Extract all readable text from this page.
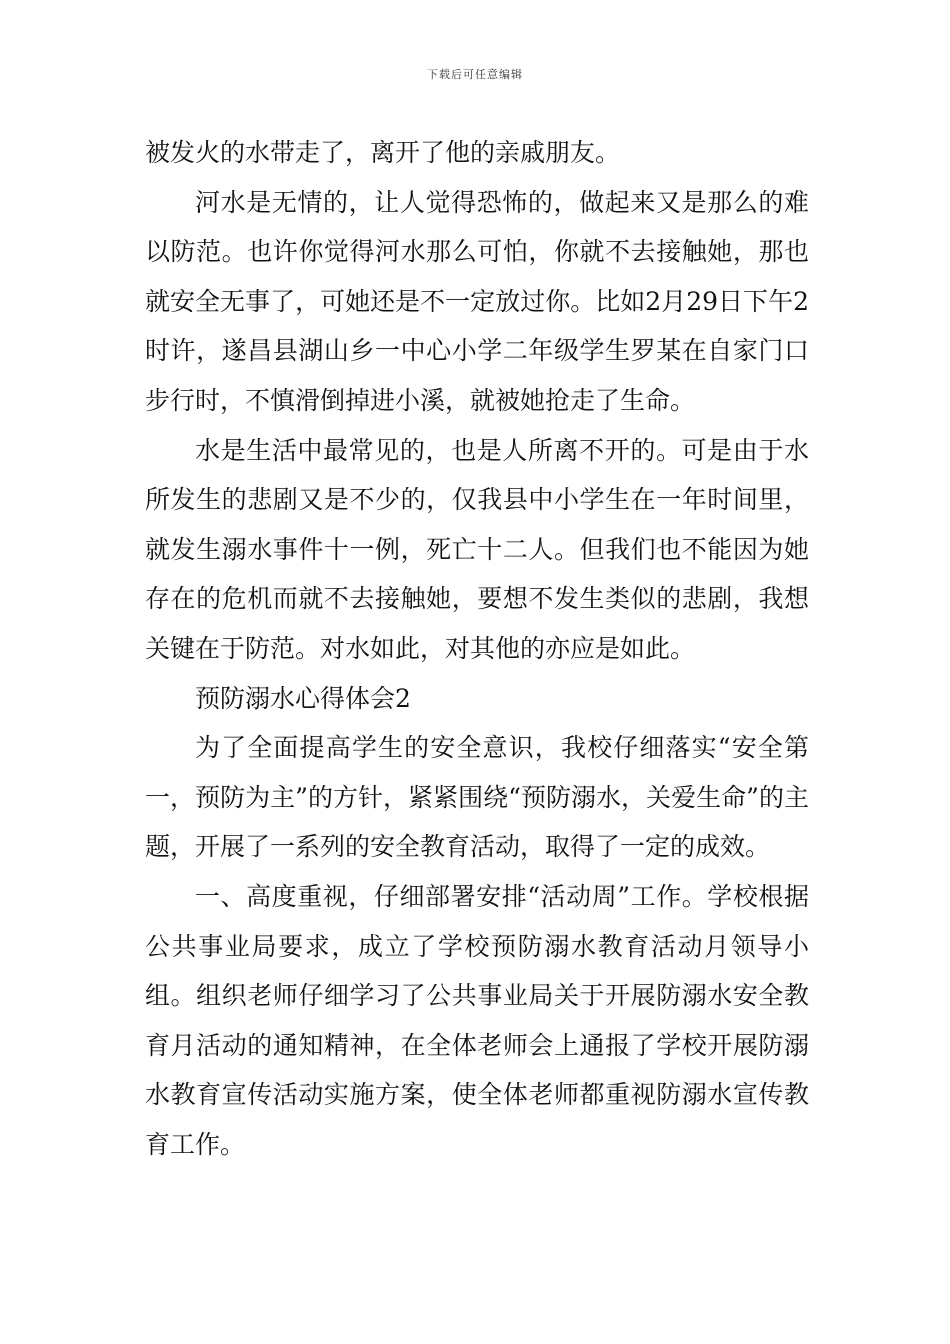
下载后可任意编辑

被发火的水带走了，离开了他的亲戚朋友。

河水是无情的，让人觉得恐怖的，做起来又是那么的难以防范。也许你觉得河水那么可怕，你就不去接触她，那也就安全无事了，可她还是不一定放过你。比如2月29日下午2时许，遂昌县湖山乡一中心小学二年级学生罗某在自家门口步行时，不慎滑倒掉进小溪，就被她抢走了生命。

水是生活中最常见的，也是人所离不开的。可是由于水所发生的悲剧又是不少的，仅我县中小学生在一年时间里，就发生溺水事件十一例，死亡十二人。但我们也不能因为她存在的危机而就不去接触她，要想不发生类似的悲剧，我想关键在于防范。对水如此，对其他的亦应是如此。

预防溺水心得体会2

为了全面提高学生的安全意识，我校仔细落实“安全第一，预防为主”的方针，紧紧围绕“预防溺水，关爱生命”的主题，开展了一系列的安全教育活动，取得了一定的成效。

一、高度重视，仔细部署安排“活动周”工作。学校根据公共事业局要求，成立了学校预防溺水教育活动月领导小组。组织老师仔细学习了公共事业局关于开展防溺水安全教育月活动的通知精神，在全体老师会上通报了学校开展防溺水教育宣传活动实施方案，使全体老师都重视防溺水宣传教育工作。
